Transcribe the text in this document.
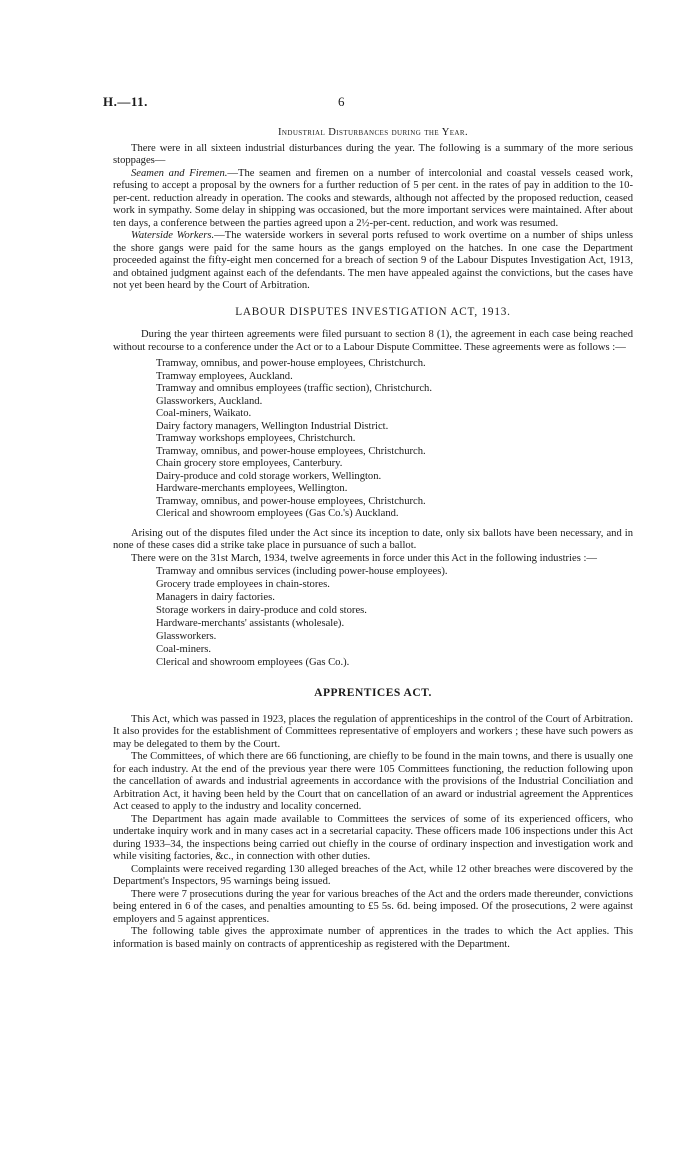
H.—11.	6
Industrial Disturbances during the Year.

There were in all sixteen industrial disturbances during the year. The following is a summary of the more serious stoppages—

Seamen and Firemen.—The seamen and firemen on a number of intercolonial and coastal vessels ceased work, refusing to accept a proposal by the owners for a further reduction of 5 per cent. in the rates of pay in addition to the 10-per-cent. reduction already in operation. The cooks and stewards, although not affected by the proposed reduction, ceased work in sympathy. Some delay in shipping was occasioned, but the more important services were maintained. After about ten days, a conference between the parties agreed upon a 2½-per-cent. reduction, and work was resumed.

Waterside Workers.—The waterside workers in several ports refused to work overtime on a number of ships unless the shore gangs were paid for the same hours as the gangs employed on the hatches. In one case the Department proceeded against the fifty-eight men concerned for a breach of section 9 of the Labour Disputes Investigation Act, 1913, and obtained judgment against each of the defendants. The men have appealed against the convictions, but the cases have not yet been heard by the Court of Arbitration.

LABOUR DISPUTES INVESTIGATION ACT, 1913.

During the year thirteen agreements were filed pursuant to section 8 (1), the agreement in each case being reached without recourse to a conference under the Act or to a Labour Dispute Committee. These agreements were as follows :—

Tramway, omnibus, and power-house employees, Christchurch.
Tramway employees, Auckland.
Tramway and omnibus employees (traffic section), Christchurch.
Glassworkers, Auckland.
Coal-miners, Waikato.
Dairy factory managers, Wellington Industrial District.
Tramway workshops employees, Christchurch.
Tramway, omnibus, and power-house employees, Christchurch.
Chain grocery store employees, Canterbury.
Dairy-produce and cold storage workers, Wellington.
Hardware-merchants employees, Wellington.
Tramway, omnibus, and power-house employees, Christchurch.
Clerical and showroom employees (Gas Co.'s) Auckland.

Arising out of the disputes filed under the Act since its inception to date, only six ballots have been necessary, and in none of these cases did a strike take place in pursuance of such a ballot.

There were on the 31st March, 1934, twelve agreements in force under this Act in the following industries :—

Tramway and omnibus services (including power-house employees).
Grocery trade employees in chain-stores.
Managers in dairy factories.
Storage workers in dairy-produce and cold stores.
Hardware-merchants' assistants (wholesale).
Glassworkers.
Coal-miners.
Clerical and showroom employees (Gas Co.).
APPRENTICES ACT.

This Act, which was passed in 1923, places the regulation of apprenticeships in the control of the Court of Arbitration. It also provides for the establishment of Committees representative of employers and workers ; these have such powers as may be delegated to them by the Court.

The Committees, of which there are 66 functioning, are chiefly to be found in the main towns, and there is usually one for each industry. At the end of the previous year there were 105 Committees functioning, the reduction following upon the cancellation of awards and industrial agreements in accordance with the provisions of the Industrial Conciliation and Arbitration Act, it having been held by the Court that on cancellation of an award or industrial agreement the Apprentices Act ceased to apply to the industry and locality concerned.

The Department has again made available to Committees the services of some of its experienced officers, who undertake inquiry work and in many cases act in a secretarial capacity. These officers made 106 inspections under this Act during 1933–34, the inspections being carried out chiefly in the course of ordinary inspection and investigation work and while visiting factories, &c., in connection with other duties.

Complaints were received regarding 130 alleged breaches of the Act, while 12 other breaches were discovered by the Department's Inspectors, 95 warnings being issued.

There were 7 prosecutions during the year for various breaches of the Act and the orders made thereunder, convictions being entered in 6 of the cases, and penalties amounting to £5 5s. 6d. being imposed. Of the prosecutions, 2 were against employers and 5 against apprentices.

The following table gives the approximate number of apprentices in the trades to which the Act applies. This information is based mainly on contracts of apprenticeship as registered with the Department.
